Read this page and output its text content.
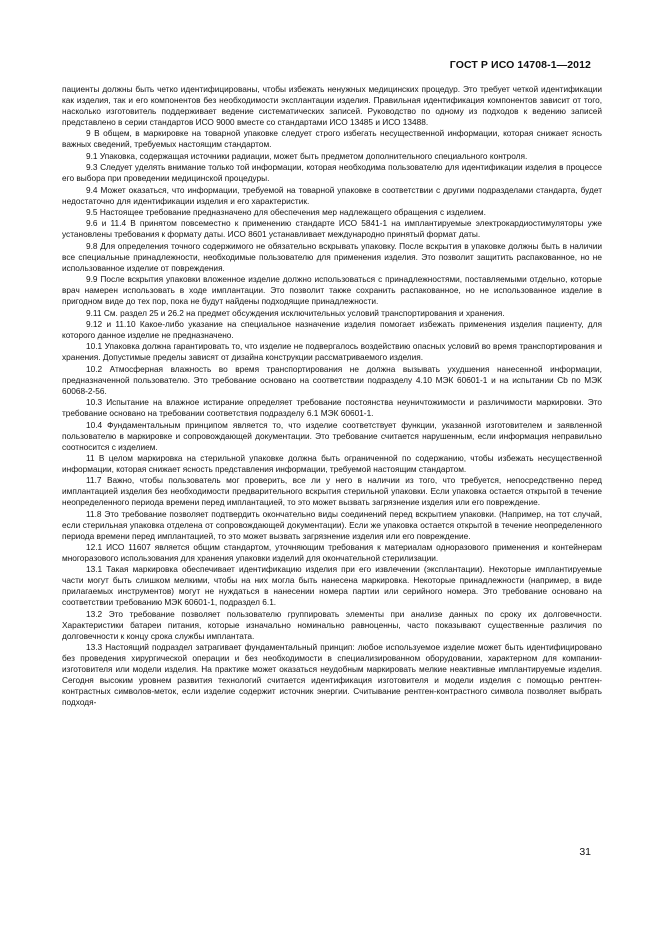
ГОСТ Р ИСО 14708-1—2012

пациенты должны быть четко идентифицированы, чтобы избежать ненужных медицинских процедур. Это требует четкой идентификации как изделия, так и его компонентов без необходимости эксплантации изделия. Правильная идентификация компонентов зависит от того, насколько изготовитель поддерживает ведение систематических записей. Руководство по одному из подходов к ведению записей представлено в серии стандартов ИСО 9000 вместе со стандартами ИСО 13485 и ИСО 13488.

9 В общем, в маркировке на товарной упаковке следует строго избегать несущественной информации, которая снижает ясность важных сведений, требуемых настоящим стандартом.

9.1 Упаковка, содержащая источники радиации, может быть предметом дополнительного специального контроля.

9.3 Следует уделять внимание только той информации, которая необходима пользователю для идентификации изделия в процессе его выбора при проведении медицинской процедуры.

9.4 Может оказаться, что информации, требуемой на товарной упаковке в соответствии с другими подразделами стандарта, будет недостаточно для идентификации изделия и его характеристик.

9.5 Настоящее требование предназначено для обеспечения мер надлежащего обращения с изделием.

9.6 и 11.4 В принятом повсеместно к применению стандарте ИСО 5841-1 на имплантируемые электрокардиостимуляторы уже установлены требования к формату даты. ИСО 8601 устанавливает международно принятый формат даты.

9.8 Для определения точного содержимого не обязательно вскрывать упаковку. После вскрытия в упаковке должны быть в наличии все специальные принадлежности, необходимые пользователю для применения изделия. Это позволит защитить распакованное, но не использованное изделие от повреждения.

9.9 После вскрытия упаковки вложенное изделие должно использоваться с принадлежностями, поставляемыми отдельно, которые врач намерен использовать в ходе имплантации. Это позволит также сохранить распакованное, но не использованное изделие в пригодном виде до тех пор, пока не будут найдены подходящие принадлежности.

9.11 См. раздел 25 и 26.2 на предмет обсуждения исключительных условий транспортирования и хранения.

9.12 и 11.10 Какое-либо указание на специальное назначение изделия помогает избежать применения изделия пациенту, для которого данное изделие не предназначено.

10.1 Упаковка должна гарантировать то, что изделие не подвергалось воздействию опасных условий во время транспортирования и хранения. Допустимые пределы зависят от дизайна конструкции рассматриваемого изделия.

10.2 Атмосферная влажность во время транспортирования не должна вызывать ухудшения нанесенной информации, предназначенной пользователю. Это требование основано на соответствии подразделу 4.10 МЭК 60601-1 и на испытании Cb по МЭК 60068-2-56.

10.3 Испытание на влажное истирание определяет требование постоянства неуничтожимости и различимости маркировки. Это требование основано на требовании соответствия подразделу 6.1 МЭК 60601-1.

10.4 Фундаментальным принципом является то, что изделие соответствует функции, указанной изготовителем и заявленной пользователю в маркировке и сопровождающей документации. Это требование считается нарушенным, если информация неправильно соотносится с изделием.

11 В целом маркировка на стерильной упаковке должна быть ограниченной по содержанию, чтобы избежать несущественной информации, которая снижает ясность представления информации, требуемой настоящим стандартом.

11.7 Важно, чтобы пользователь мог проверить, все ли у него в наличии из того, что требуется, непосредственно перед имплантацией изделия без необходимости предварительного вскрытия стерильной упаковки. Если упаковка остается открытой в течение неопределенного периода времени перед имплантацией, то это может вызвать загрязнение изделия или его повреждение.

11.8 Это требование позволяет подтвердить окончательно виды соединений перед вскрытием упаковки. (Например, на тот случай, если стерильная упаковка отделена от сопровождающей документации). Если же упаковка остается открытой в течение неопределенного периода времени перед имплантацией, то это может вызвать загрязнение изделия или его повреждение.

12.1 ИСО 11607 является общим стандартом, уточняющим требования к материалам одноразового применения и контейнерам многоразового использования для хранения упаковки изделий для окончательной стерилизации.

13.1 Такая маркировка обеспечивает идентификацию изделия при его извлечении (эксплантации). Некоторые имплантируемые части могут быть слишком мелкими, чтобы на них могла быть нанесена маркировка. Некоторые принадлежности (например, в виде прилагаемых инструментов) могут не нуждаться в нанесении номера партии или серийного номера. Это требование основано на соответствии требованию МЭК 60601-1, подраздел 6.1.

13.2 Это требование позволяет пользователю группировать элементы при анализе данных по сроку их долговечности. Характеристики батареи питания, которые изначально номинально равноценны, часто показывают существенные различия по долговечности к концу срока службы имплантата.

13.3 Настоящий подраздел затрагивает фундаментальный принцип: любое используемое изделие может быть идентифицировано без проведения хирургической операции и без необходимости в специализированном оборудовании, характерном для компании-изготовителя или модели изделия. На практике может оказаться неудобным маркировать мелкие неактивные имплантируемые изделия. Сегодня высоким уровнем развития технологий считается идентификация изготовителя и модели изделия с помощью рентген-контрастных символов-меток, если изделие содержит источник энергии. Считывание рентген-контрастного символа позволяет выбрать подходя-

31
